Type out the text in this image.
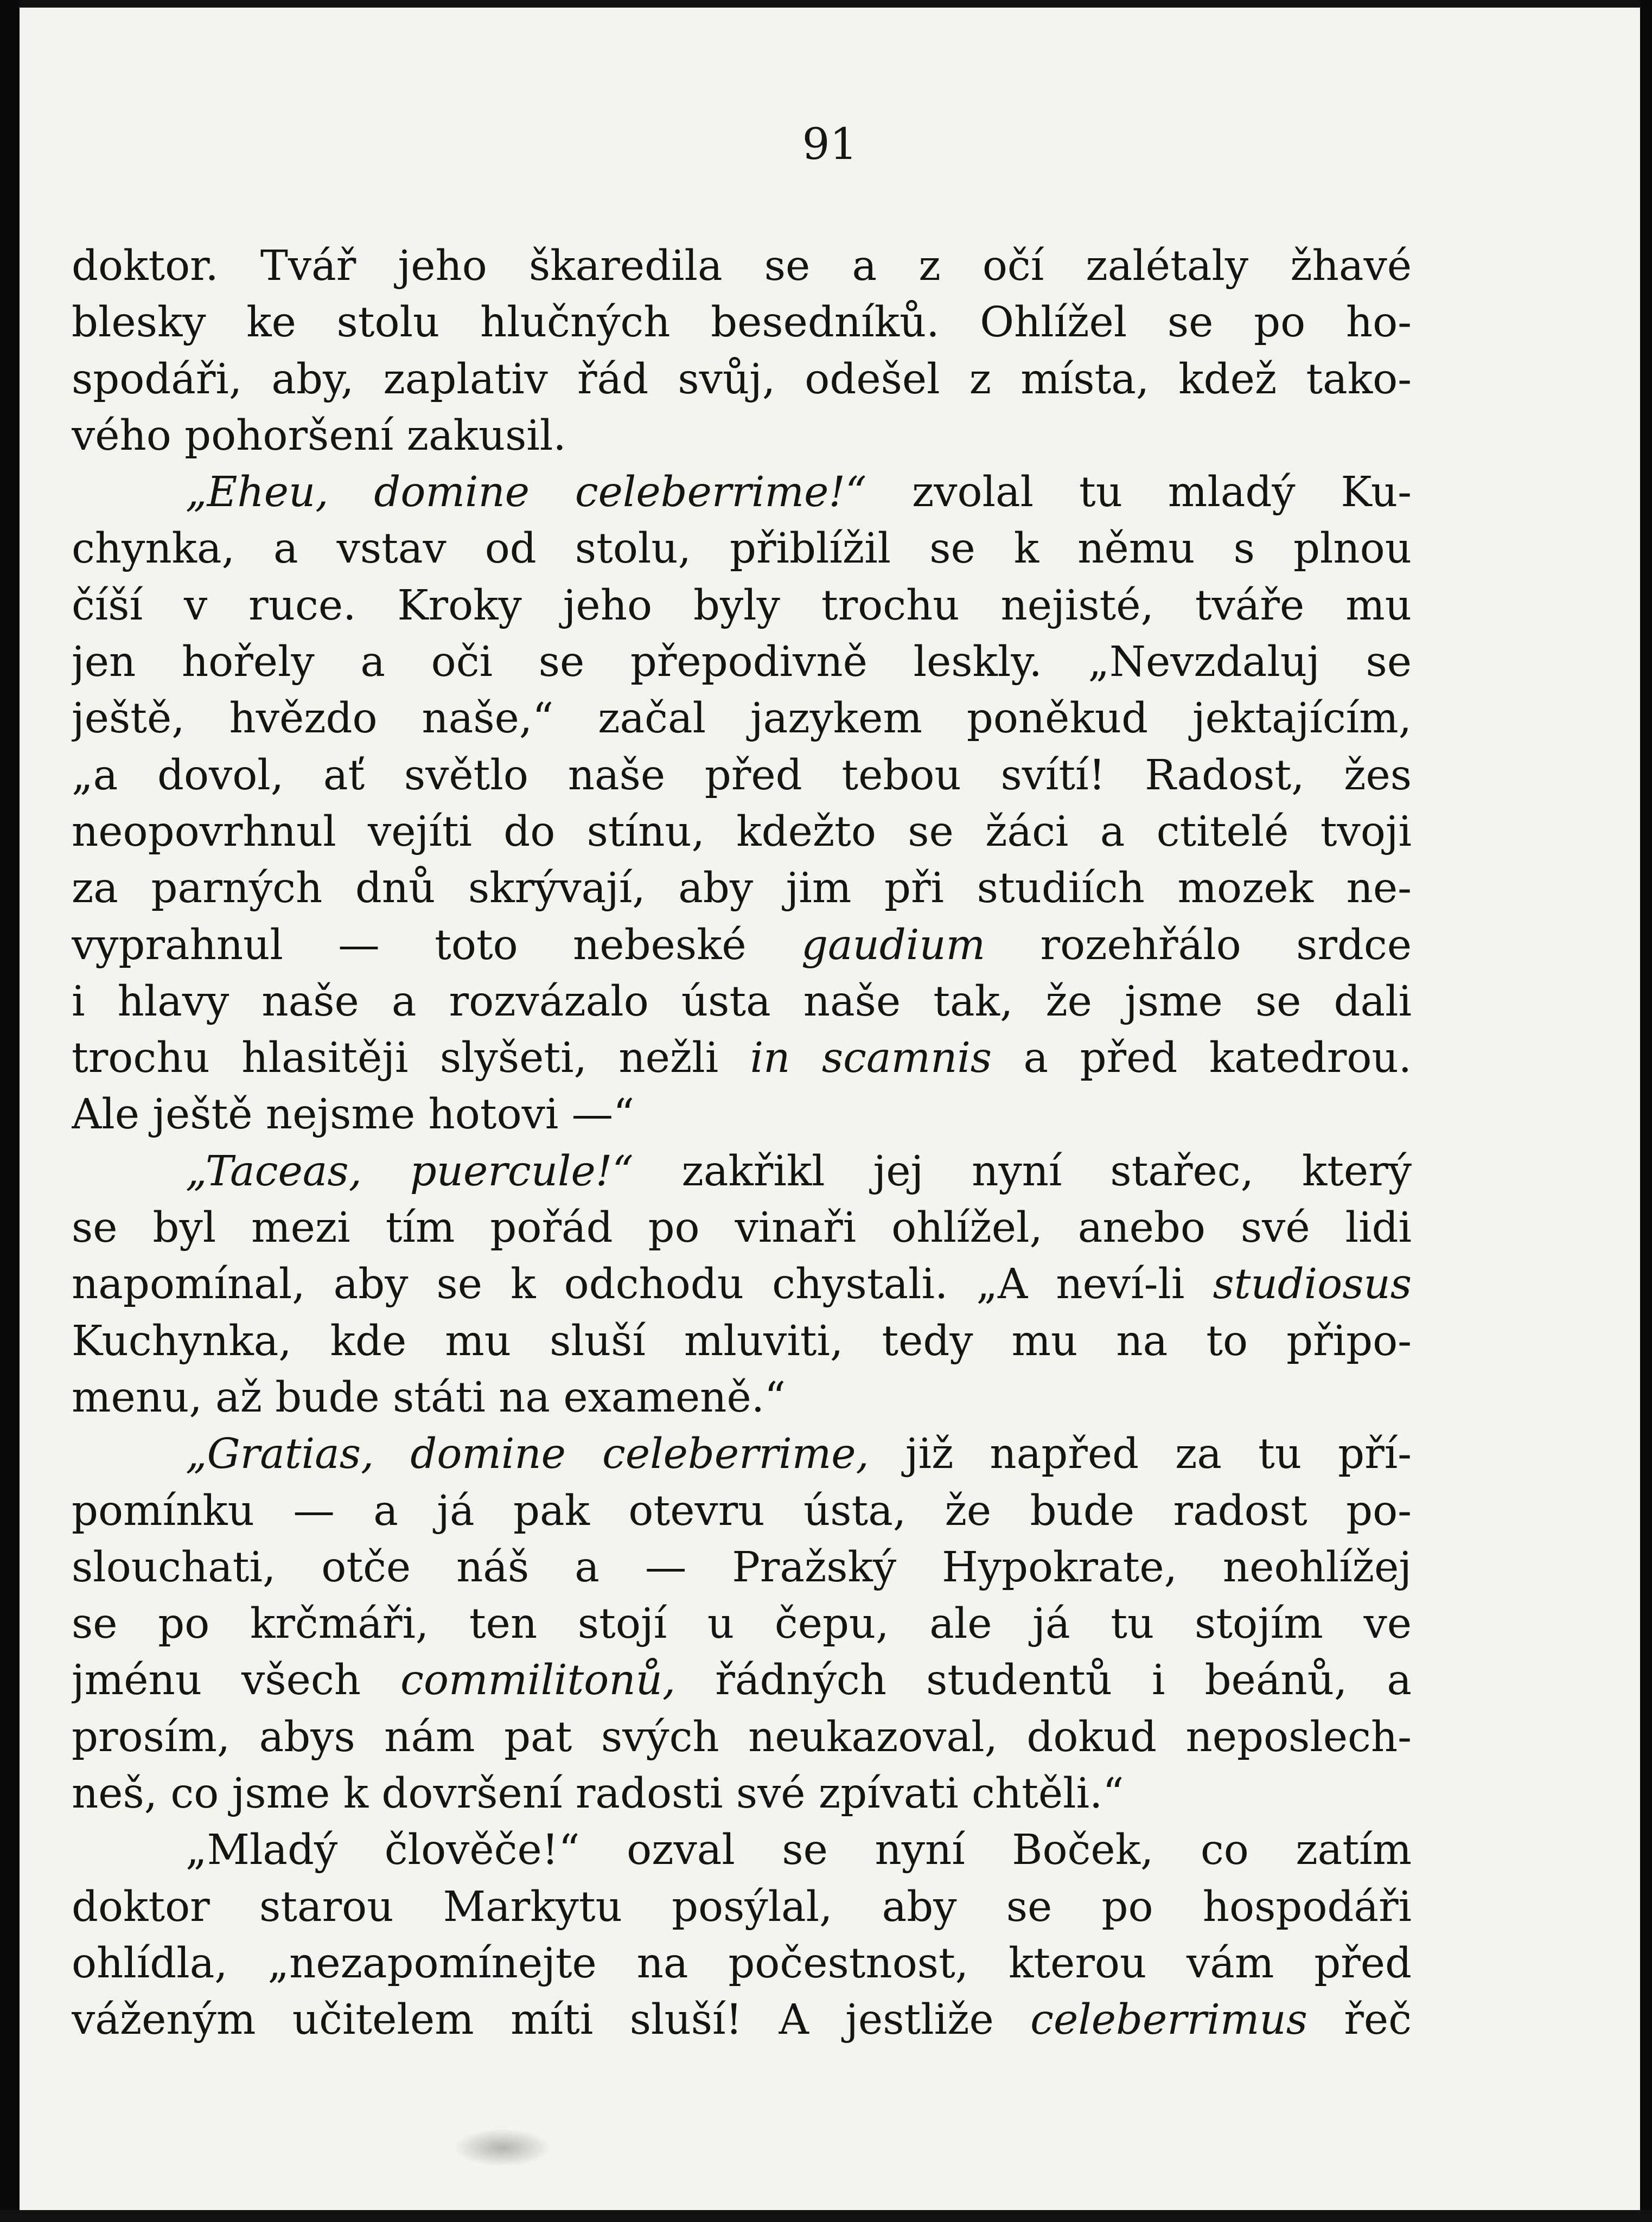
91
doktor. Tvář jeho škaredila se a z očí zalétaly žhavé
blesky ke stolu hlučných besedníků. Ohlížel se po ho-
spodáři, aby, zaplativ řád svůj, odešel z místa, kdež tako-
vého pohoršení zakusil.
„Eheu, domine celeberrime!“ zvolal tu mladý Ku-
chynka, a vstav od stolu, přiblížil se k němu s plnou
číší v ruce. Kroky jeho byly trochu nejisté, tváře mu
jen hořely a oči se přepodivně leskly. „Nevzdaluj se
ještě, hvězdo naše,“ začal jazykem poněkud jektajícím,
„a dovol, ať světlo naše před tebou svítí! Radost, žes
neopovrhnul vejíti do stínu, kdežto se žáci a ctitelé tvoji
za parných dnů skrývají, aby jim při studiích mozek ne-
vyprahnul — toto nebeské gaudium rozehřálo srdce
i hlavy naše a rozvázalo ústa naše tak, že jsme se dali
trochu hlasitěji slyšeti, nežli in scamnis a před katedrou.
Ale ještě nejsme hotovi —“
„Taceas, puercule!“ zakřikl jej nyní stařec, který
se byl mezi tím pořád po vinaři ohlížel, anebo své lidi
napomínal, aby se k odchodu chystali. „A neví-li studiosus
Kuchynka, kde mu sluší mluviti, tedy mu na to připo-
menu, až bude státi na exameně.“
„Gratias, domine celeberrime, již napřed za tu pří-
pomínku — a já pak otevru ústa, že bude radost po-
slouchati, otče náš a — Pražský Hypokrate, neohlížej
se po krčmáři, ten stojí u čepu, ale já tu stojím ve
jménu všech commilitonů, řádných studentů i beánů, a
prosím, abys nám pat svých neukazoval, dokud neposlech-
neš, co jsme k dovršení radosti své zpívati chtěli.“
„Mladý člověče!“ ozval se nyní Boček, co zatím
doktor starou Markytu posýlal, aby se po hospodáři
ohlídla, „nezapomínejte na počestnost, kterou vám před
váženým učitelem míti sluší! A jestliže celeberrimus řeč
